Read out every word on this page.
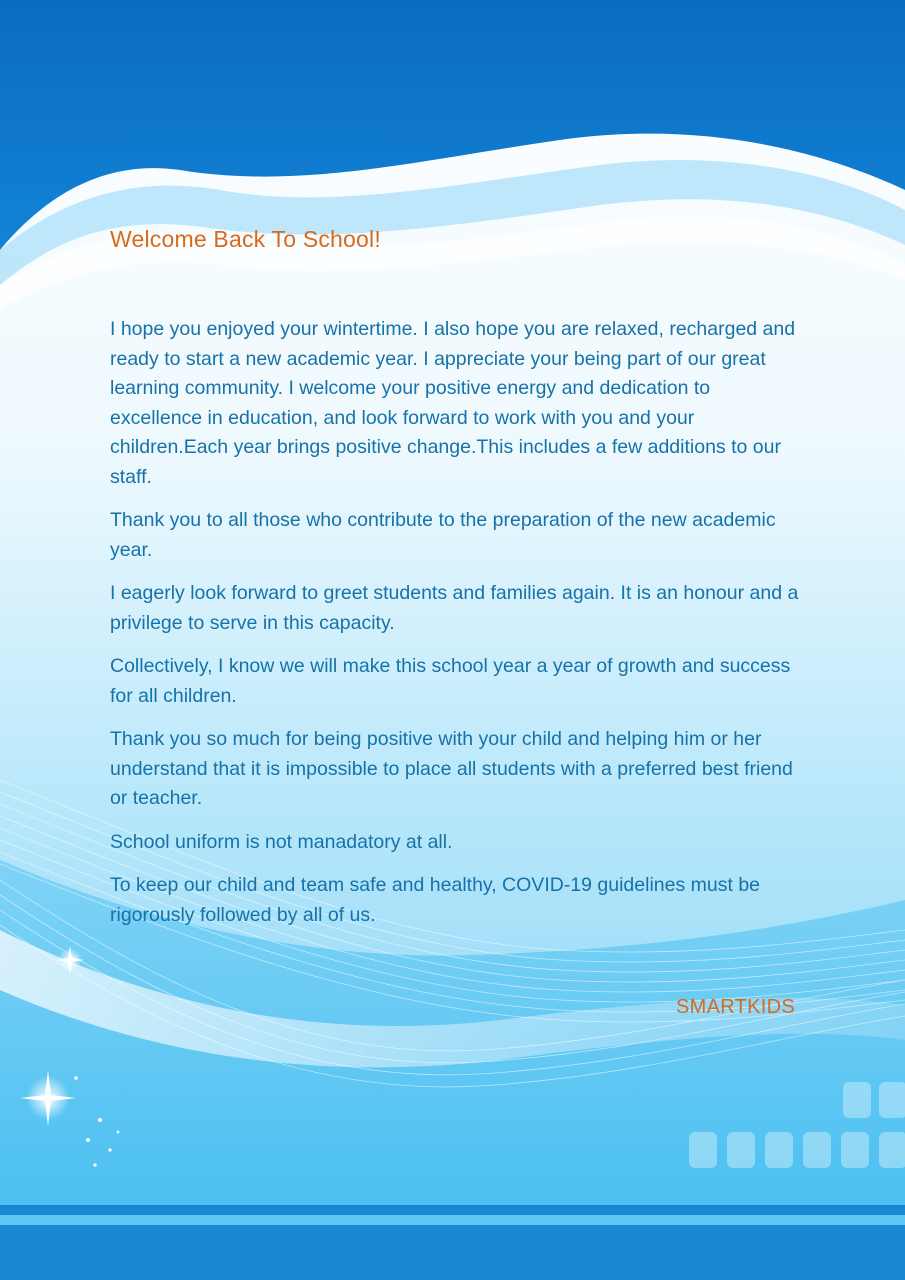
Welcome Back To School!

I hope you enjoyed your wintertime. I also hope you are relaxed, recharged and ready to start a new academic year. I appreciate your being part of our great learning community. I welcome your positive energy and dedication to excellence in education, and look forward to work with you and your children.Each year brings positive change.This includes a few additions to our staff.

Thank you to all those who contribute to the preparation of the new academic year.

I eagerly look forward to greet students and families again. It is an honour and a privilege to serve in this capacity.

Collectively, I know we will make this school year a year of growth and success for all children.

Thank you so much for being positive with your child and helping him or her understand that it is impossible to place all students with a preferred best friend or teacher.

School uniform is not manadatory at all.

To keep our child and team safe and healthy, COVID-19 guidelines must be rigorously followed by all of us.

SMARTKIDS
